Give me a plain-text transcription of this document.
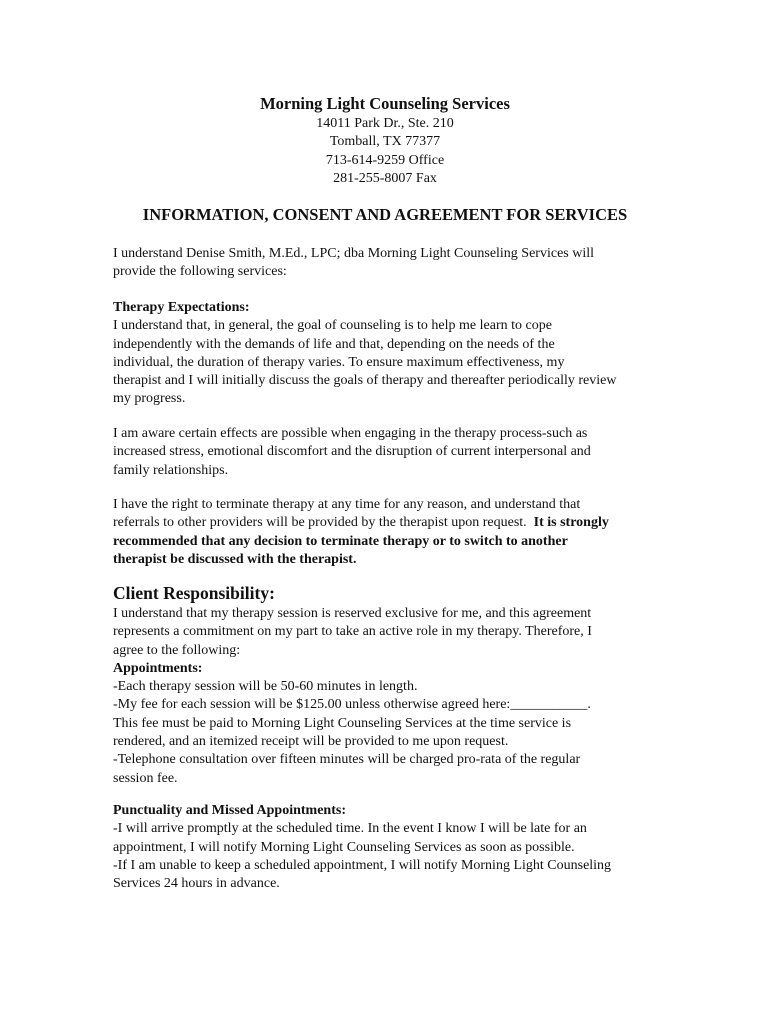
Morning Light Counseling Services
14011 Park Dr., Ste. 210
Tomball, TX 77377
713-614-9259 Office
281-255-8007 Fax
INFORMATION, CONSENT AND AGREEMENT FOR SERVICES
I understand Denise Smith, M.Ed., LPC; dba Morning Light Counseling Services will
provide the following services:
Therapy Expectations:
I understand that, in general, the goal of counseling is to help me learn to cope
independently with the demands of life and that, depending on the needs of the
individual, the duration of therapy varies. To ensure maximum effectiveness, my
therapist and I will initially discuss the goals of therapy and thereafter periodically review
my progress.
I am aware certain effects are possible when engaging in the therapy process-such as
increased stress, emotional discomfort and the disruption of current interpersonal and
family relationships.
I have the right to terminate therapy at any time for any reason, and understand that
referrals to other providers will be provided by the therapist upon request. It is strongly
recommended that any decision to terminate therapy or to switch to another
therapist be discussed with the therapist.
Client Responsibility:
I understand that my therapy session is reserved exclusive for me, and this agreement
represents a commitment on my part to take an active role in my therapy. Therefore, I
agree to the following:
Appointments:
-Each therapy session will be 50-60 minutes in length.
-My fee for each session will be $125.00 unless otherwise agreed here:___________.
This fee must be paid to Morning Light Counseling Services at the time service is
rendered, and an itemized receipt will be provided to me upon request.
-Telephone consultation over fifteen minutes will be charged pro-rata of the regular
session fee.
Punctuality and Missed Appointments:
-I will arrive promptly at the scheduled time. In the event I know I will be late for an
appointment, I will notify Morning Light Counseling Services as soon as possible.
-If I am unable to keep a scheduled appointment, I will notify Morning Light Counseling
Services 24 hours in advance.
